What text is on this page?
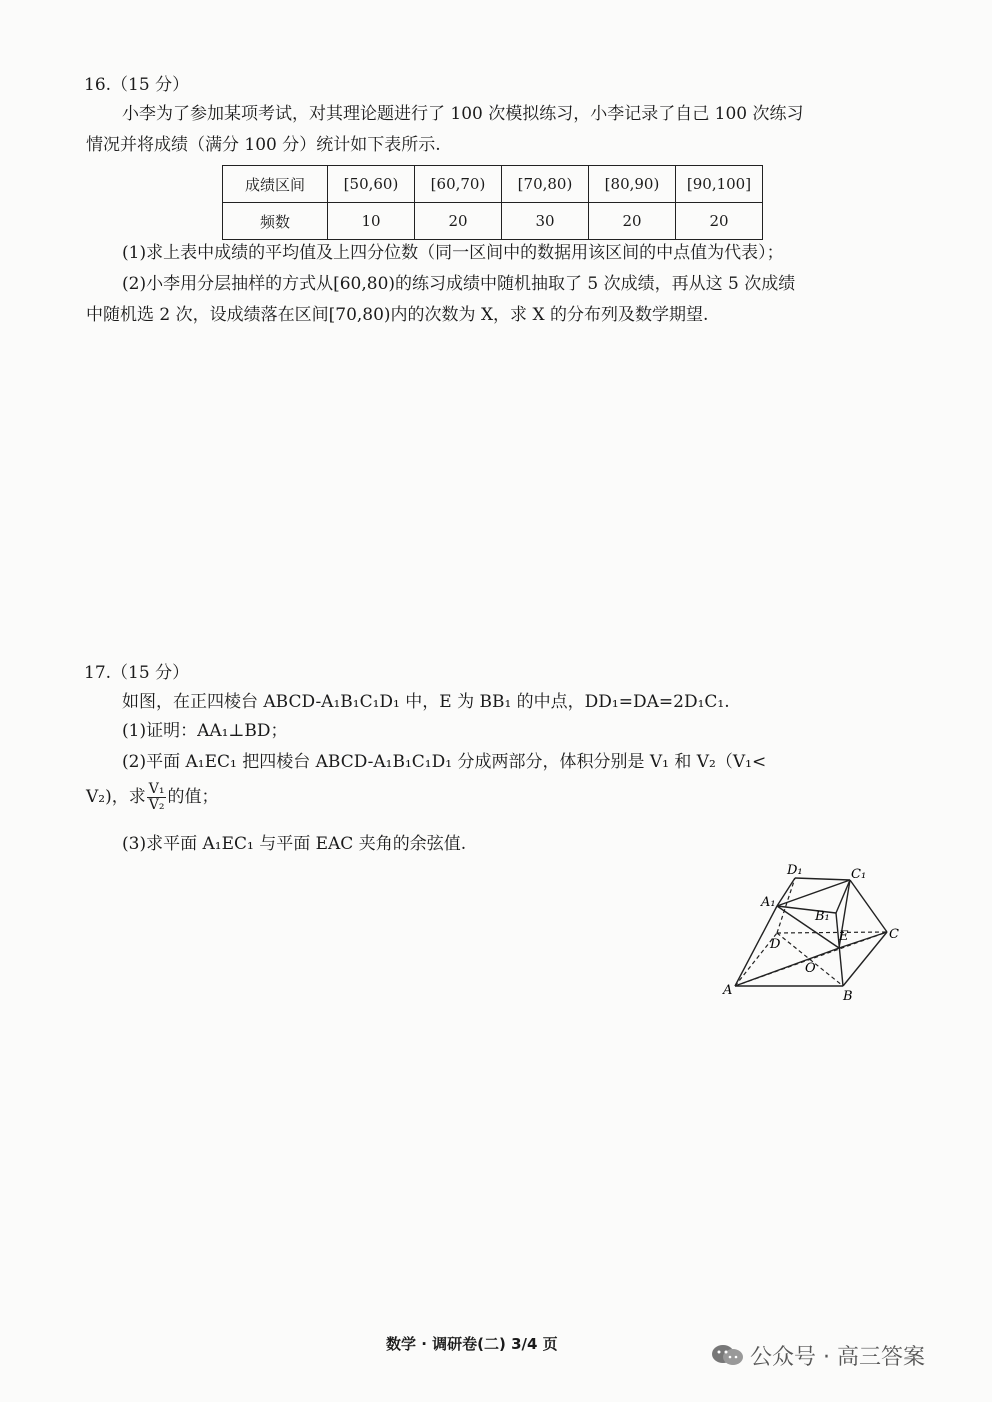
16.（15 分）
小李为了参加某项考试，对其理论题进行了 100 次模拟练习，小李记录了自己 100 次练习
情况并将成绩（满分 100 分）统计如下表所示.
成绩区间	[50,60)	[60,70)	[70,80)	[80,90)	[90,100]
频数	10	20	30	20	20
(1)求上表中成绩的平均值及上四分位数（同一区间中的数据用该区间的中点值为代表）；
(2)小李用分层抽样的方式从[60,80)的练习成绩中随机抽取了 5 次成绩，再从这 5 次成绩
中随机选 2 次，设成绩落在区间[70,80)内的次数为 X，求 X 的分布列及数学期望.
17.（15 分）
如图，在正四棱台 ABCD-A₁B₁C₁D₁ 中，E 为 BB₁ 的中点，DD₁=DA=2D₁C₁.
(1)证明：AA₁⊥BD；
(2)平面 A₁EC₁ 把四棱台 ABCD-A₁B₁C₁D₁ 分成两部分，体积分别是 V₁ 和 V₂（V₁<
V₂)，求 $\frac{\text{V₁}}{\text{V₂}}$ 的值；
(3)求平面 A₁EC₁ 与平面 EAC 夹角的余弦值.
D₁	C₁
A₁
B₁
D
E	C
O
A	B
数学 · 调研卷(二) 3/4 页
公众号 · 高三答案
